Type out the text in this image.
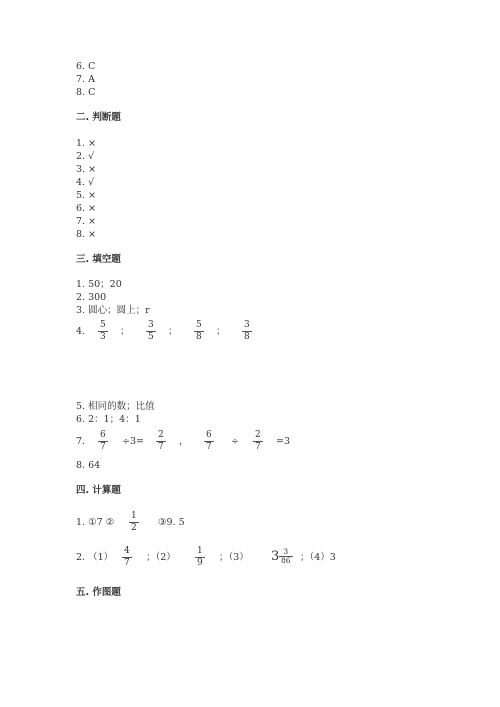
6. C
7. A
8. C
二. 判断题
1. ×
2. √
3. ×
4. √
5. ×
6. ×
7. ×
8. ×
三. 填空题
1. 50；20
2. 300
3. 圆心；圆上；r
4. $\frac{5}{3}$ ； $\frac{3}{5}$ ； $\frac{5}{8}$ ； $\frac{3}{8}$
5. 相同的数；比值
6. 2：1；4：1
7. $\frac{6}{7} \div 3= \frac{2}{7}$ ， $\frac{6}{7} \div \frac{2}{7} =3$
8. 64
四. 计算题
1. ①7 ② $\frac{1}{2}$ ③9. 5
2. $(1) \frac{4}{7}$ ；$(2) \frac{1}{9}$ ；（3） $3 \frac{3}{86}$ ；（4）3
五. 作图题
